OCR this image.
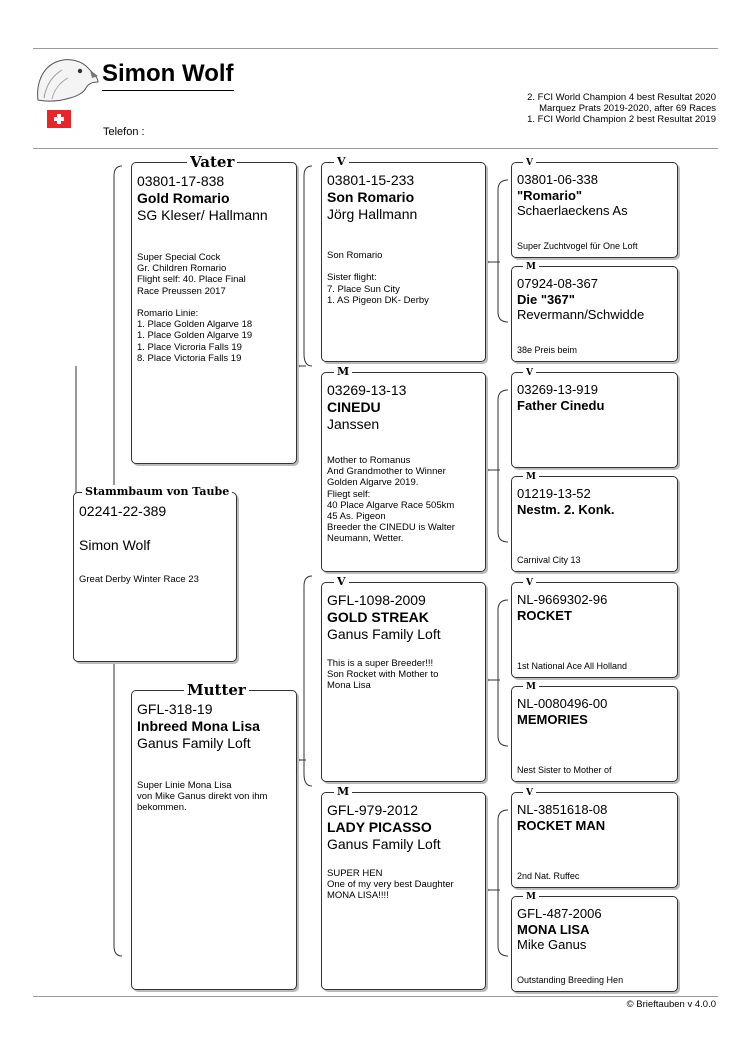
Simon Wolf
Telefon :
2. FCI World Champion 4 best Resultat 2020
Marquez Prats 2019-2020, after 69 Races
1. FCI World Champion 2 best Resultat 2019
02241-22-389
Simon Wolf
Great Derby Winter Race 23
Stammbaum von Taube
03801-17-838
Gold Romario
SG Kleser/ Hallmann
Super Special Cock
Gr. Children Romario
Flight self: 40. Place Final
Race Preussen 2017

Romario Linie:
1. Place Golden Algarve 18
1. Place Golden Algarve 19
1. Place Vicroria Falls 19
8. Place Victoria Falls 19
Vater
GFL-318-19
Inbreed Mona Lisa
Ganus Family Loft
Super Linie Mona Lisa
von Mike Ganus direkt von ihm
bekommen.
Mutter
03801-15-233
Son Romario
Jörg Hallmann
Son Romario

Sister flight:
7. Place Sun City
1. AS Pigeon DK- Derby
V
03269-13-13
CINEDU
Janssen
Mother to Romanus
And Grandmother to Winner
Golden Algarve 2019.
Fliegt self:
40 Place Algarve Race 505km
45 As. Pigeon
Breeder the CINEDU is Walter
Neumann, Wetter.
M
GFL-1098-2009
GOLD STREAK
Ganus Family Loft
This is a super Breeder!!!
Son Rocket with Mother to
Mona Lisa
V
GFL-979-2012
LADY PICASSO
Ganus Family Loft
SUPER HEN
One of my very best Daughter
MONA LISA!!!!
M
03801-06-338
"Romario"
Schaerlaeckens As
Super Zuchtvogel für One Loft
V
07924-08-367
Die "367"
Revermann/Schwidde
38e Preis beim
M
03269-13-919
Father Cinedu
V
01219-13-52
Nestm. 2. Konk.
Carnival City 13
M
NL-9669302-96
ROCKET
1st National Ace All Holland
V
NL-0080496-00
MEMORIES
Nest Sister to Mother of
M
NL-3851618-08
ROCKET MAN
2nd Nat. Ruffec
V
GFL-487-2006
MONA LISA
Mike Ganus
Outstanding Breeding Hen
M
© Brieftauben v 4.0.0
